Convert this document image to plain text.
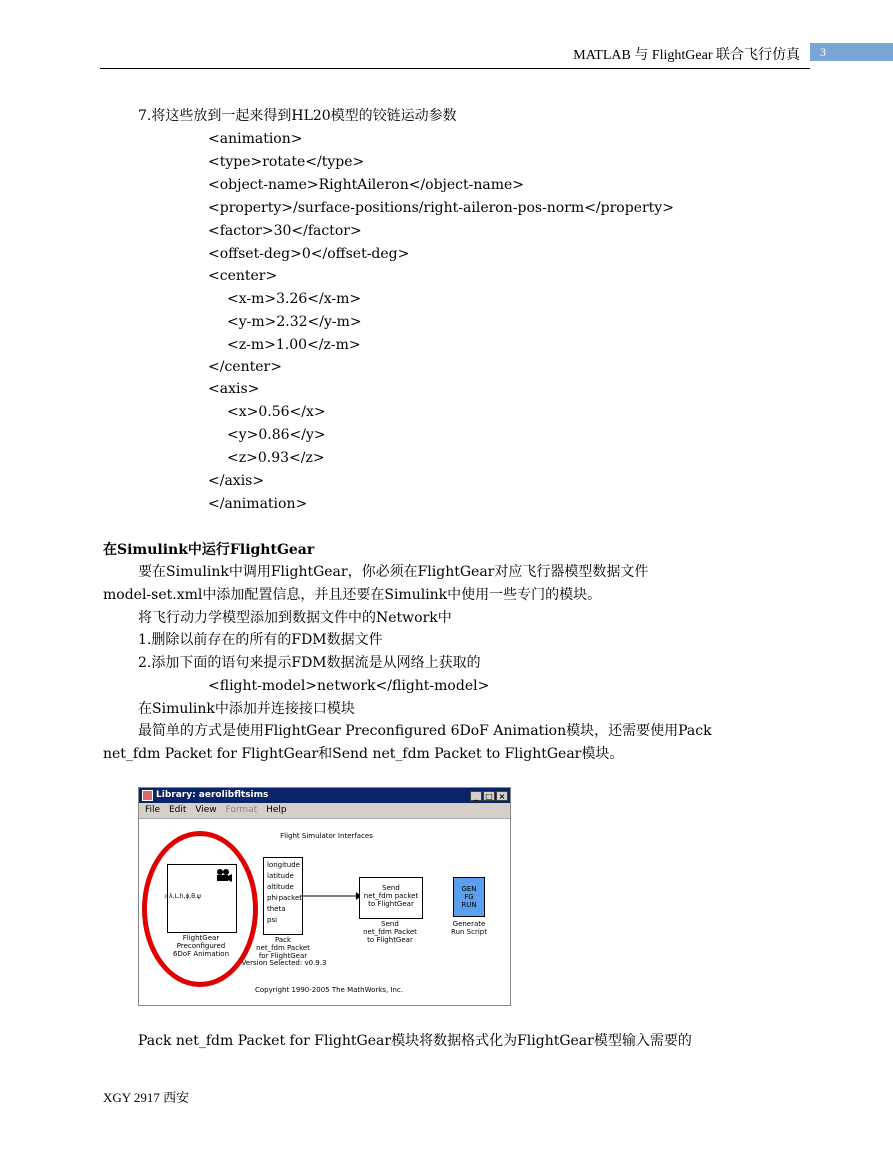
MATLAB 与 FlightGear 联合飞行仿真	3
7.将这些放到一起来得到HL20模型的铰链运动参数
<animation>
<type>rotate</type>
<object-name>RightAileron</object-name>
<property>/surface-positions/right-aileron-pos-norm</property>
<factor>30</factor>
<offset-deg>0</offset-deg>
<center>
<x-m>3.26</x-m>
<y-m>2.32</y-m>
<z-m>1.00</z-m>
</center>
<axis>
<x>0.56</x>
<y>0.86</y>
<z>0.93</z>
</axis>
</animation>
在Simulink中运行FlightGear
要在Simulink中调用FlightGear，你必须在FlightGear对应飞行器模型数据文件
model-set.xml中添加配置信息，并且还要在Simulink中使用一些专门的模块。
将飞行动力学模型添加到数据文件中的Network中
1.删除以前存在的所有的FDM数据文件
2.添加下面的语句来提示FDM数据流是从网络上获取的
<flight-model>network</flight-model>
在Simulink中添加并连接接口模块
最简单的方式是使用FlightGear Preconfigured 6DoF Animation模块，还需要使用Pack
net_fdm Packet for FlightGear和Send net_fdm Packet to FlightGear模块。
Library: aerolibfltsims	_ □ ×
File Edit View Format Help
Flight Simulator Interfaces
>λ,L,h,ϕ,θ,ψ
FlightGear
Preconfigured
6DoF Animation
longitude
latitude
altitude
phi
theta
psi
packet
Pack
net_fdm Packet
for FlightGear
Version Selected: v0.9.3
Send
net_fdm packet
to FlightGear
Send
net_fdm Packet
to FlightGear
GEN
FG
RUN
Generate
Run Script
Copyright 1990-2005 The MathWorks, Inc.
Pack net_fdm Packet for FlightGear模块将数据格式化为FlightGear模型输入需要的
XGY 2917 西安
